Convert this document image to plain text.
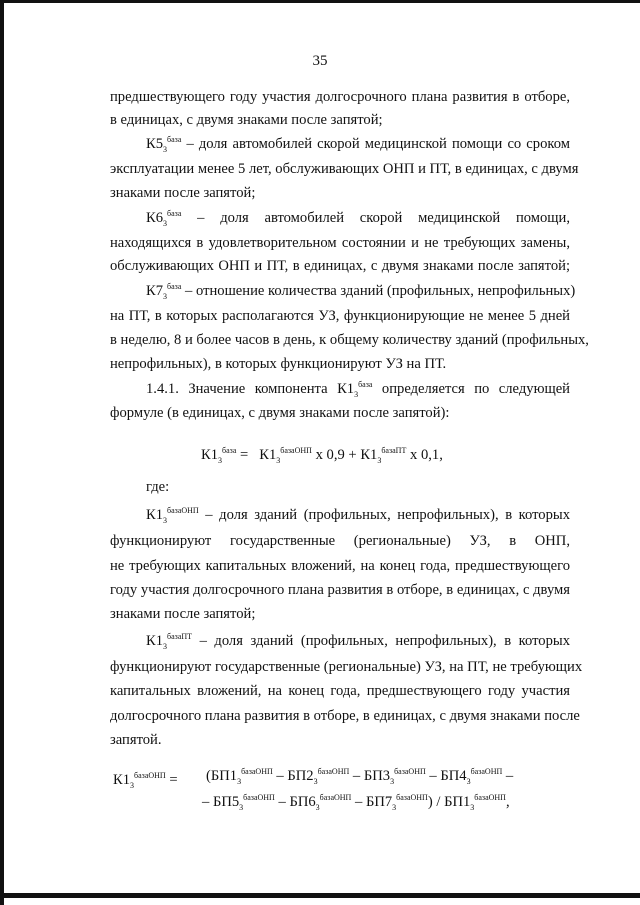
35
предшествующего году участия долгосрочного плана развития в отборе,
в единицах, с двумя знаками после запятой;
$К5_3^{база}$ – доля автомобилей скорой медицинской помощи со сроком
эксплуатации менее 5 лет, обслуживающих ОНП и ПТ, в единицах, с двумя
знаками после запятой;
$К6_3^{база}$ – доля автомобилей скорой медицинской помощи,
находящихся в удовлетворительном состоянии и не требующих замены,
обслуживающих ОНП и ПТ, в единицах, с двумя знаками после запятой;
$К7_3^{база}$ – отношение количества зданий (профильных, непрофильных)
на ПТ, в которых располагаются УЗ, функционирующие не менее 5 дней
в неделю, 8 и более часов в день, к общему количеству зданий (профильных,
непрофильных), в которых функционируют УЗ на ПТ.
1.4.1. Значение компонента $К1_3^{база}$ определяется по следующей
формуле (в единицах, с двумя знаками после запятой):
$К1_3^{база} = К1_3^{базаОНП}$ х $0,9 + К1_3^{базаПТ}$ х 0,1,
где:
$К1_3^{базаОНП}$ – доля зданий (профильных, непрофильных), в которых
функционируют государственные (региональные) УЗ, в ОНП,
не требующих капитальных вложений, на конец года, предшествующего
году участия долгосрочного плана развития в отборе, в единицах, с двумя
знаками после запятой;
$К1_3^{базаПТ}$ – доля зданий (профильных, непрофильных), в которых
функционируют государственные (региональные) УЗ, на ПТ, не требующих
капитальных вложений, на конец года, предшествующего году участия
долгосрочного плана развития в отборе, в единицах, с двумя знаками после
запятой.
$К1_3^{базаОНП} = (БП1_3^{базаОНП} - БП2_3^{базаОНП} - БП3_3^{базаОНП} - БП4_3^{базаОНП}$ –
– $БП5_3^{базаОНП} - БП6_3^{базаОНП} - БП7_3^{базаОНП}) / БП1_3^{базаОНП}$,
